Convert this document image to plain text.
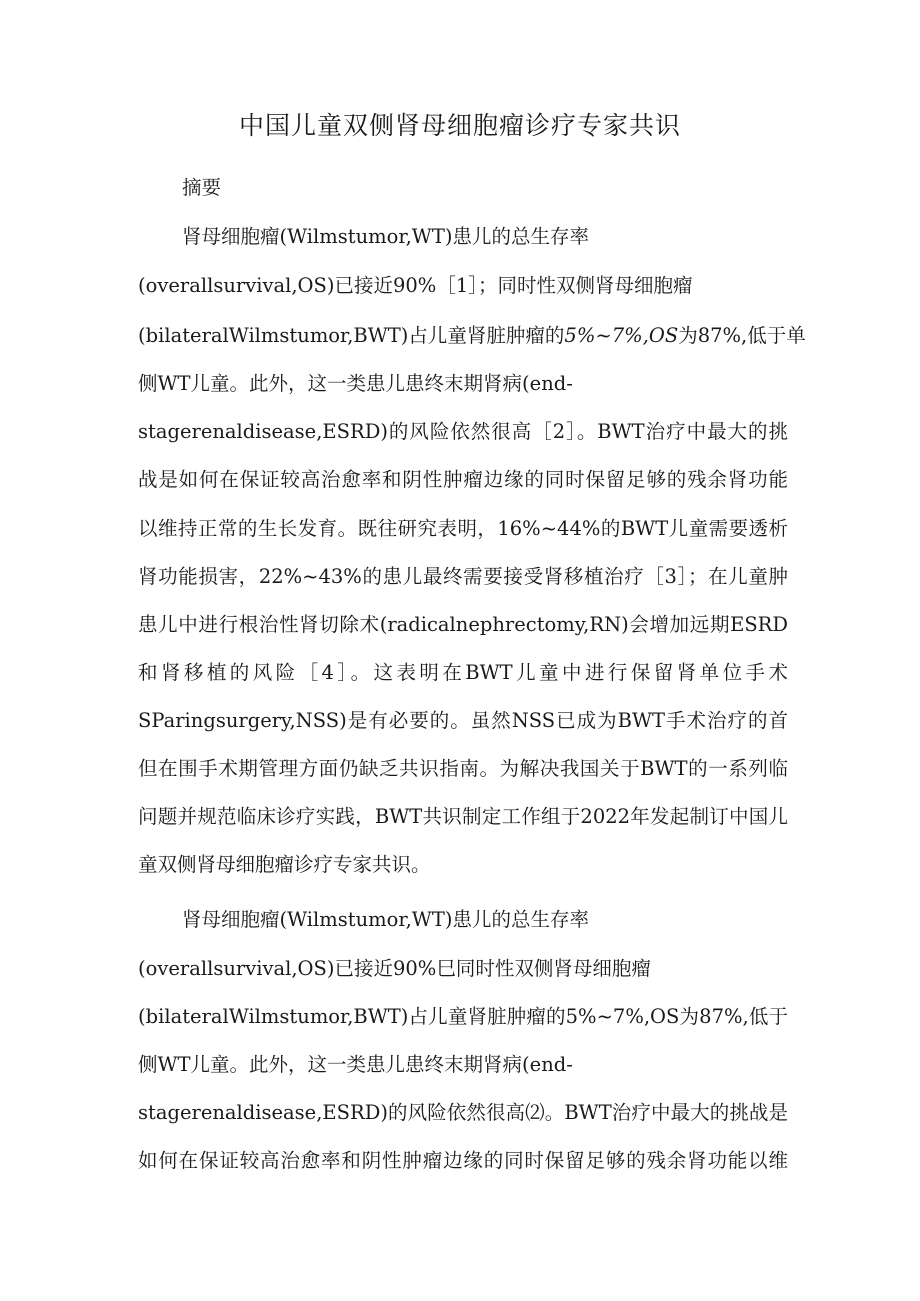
中国儿童双侧肾母细胞瘤诊疗专家共识
摘要
肾母细胞瘤(Wilmstumor,WT)患儿的总生存率
(overallsurvival,OS)已接近90%［1］；同时性双侧肾母细胞瘤
(bilateralWilmstumor,BWT)占儿童肾脏肿瘤的5%~7%,OS为87%,低于单
侧WT儿童。此外，这一类患儿患终末期肾病(end-
stagerenaldisease,ESRD)的风险依然很高［2］。BWT治疗中最大的挑
战是如何在保证较高治愈率和阴性肿瘤边缘的同时保留足够的残余肾功能
以维持正常的生长发育。既往研究表明，16%~44%的BWT儿童需要透析
肾功能损害，22%~43%的患儿最终需要接受肾移植治疗［3］；在儿童肿
患儿中进行根治性肾切除术(radicalnephrectomy,RN)会增加远期ESRD
和肾移植的风险［4］。这表明在BWT儿童中进行保留肾单位手术
SParingsurgery,NSS)是有必要的。虽然NSS已成为BWT手术治疗的首
但在围手术期管理方面仍缺乏共识指南。为解决我国关于BWT的一系列临
问题并规范临床诊疗实践，BWT共识制定工作组于2022年发起制订中国儿
童双侧肾母细胞瘤诊疗专家共识。
肾母细胞瘤(Wilmstumor,WT)患儿的总生存率
(overallsurvival,OS)已接近90%巳同时性双侧肾母细胞瘤
(bilateralWilmstumor,BWT)占儿童肾脏肿瘤的5%~7%,OS为87%,低于
侧WT儿童。此外，这一类患儿患终末期肾病(end-
stagerenaldisease,ESRD)的风险依然很高⑵。BWT治疗中最大的挑战是
如何在保证较高治愈率和阴性肿瘤边缘的同时保留足够的残余肾功能以维
